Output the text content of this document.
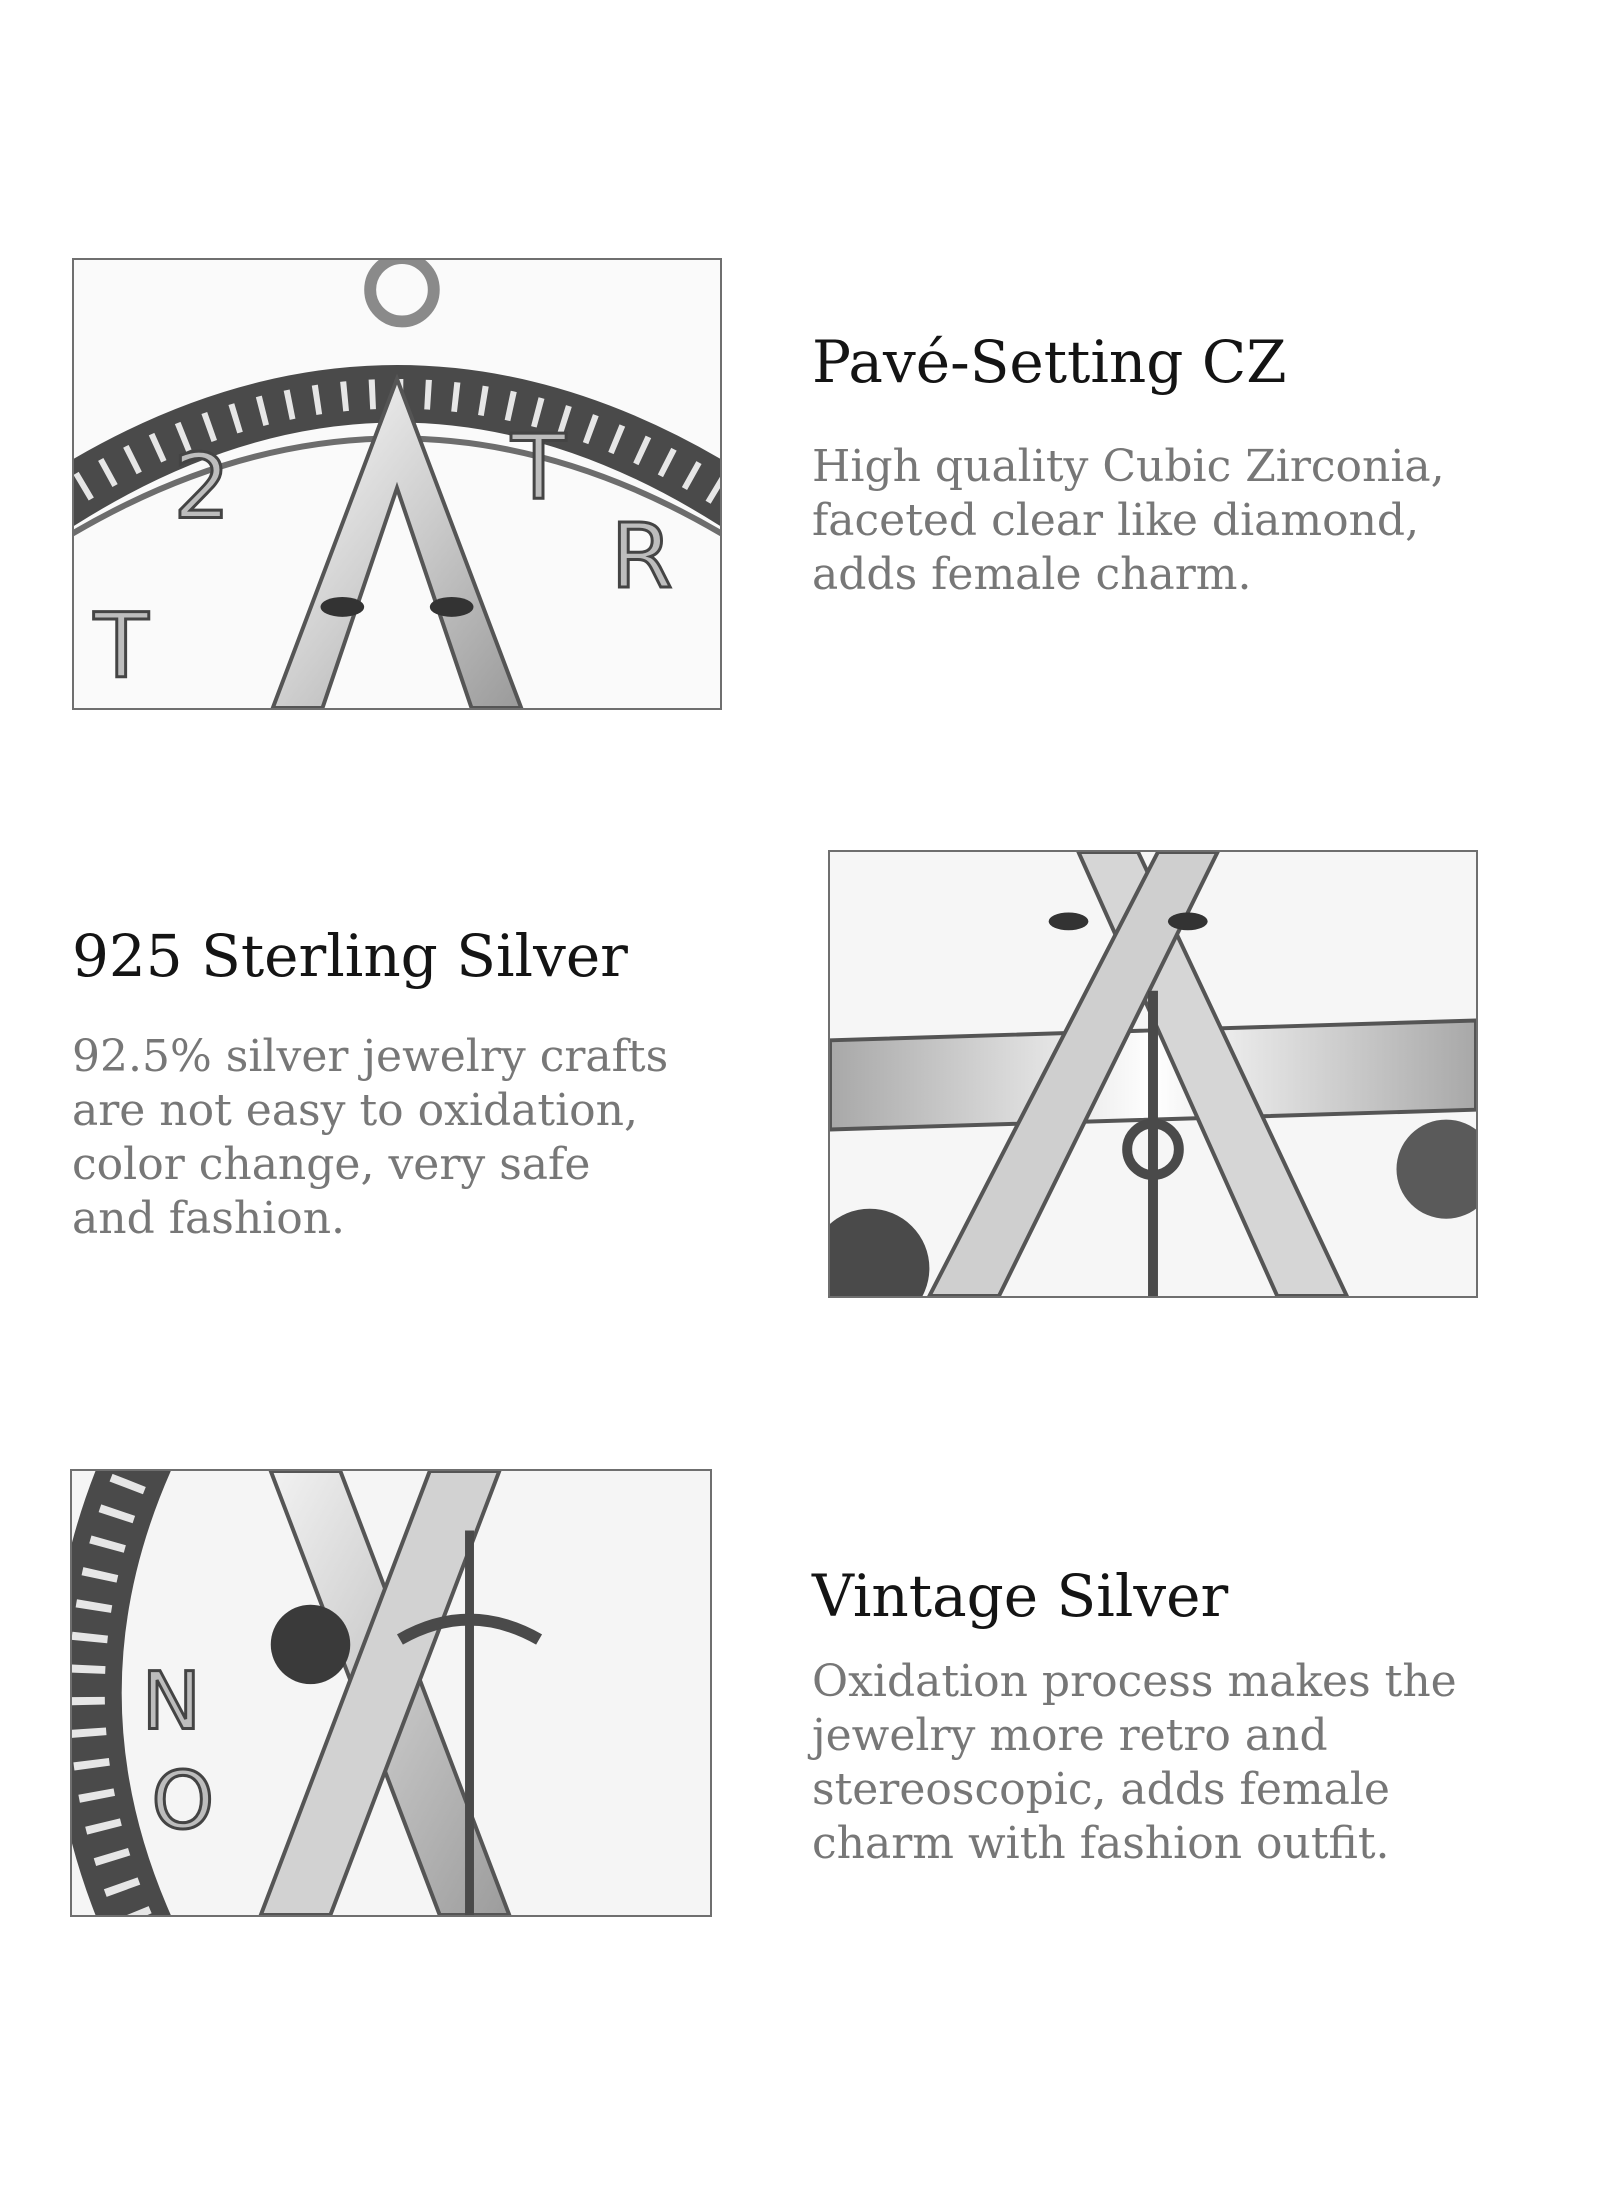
2	T
R
T
Pavé-Setting CZ

High quality Cubic Zirconia,
faceted clear like diamond,
adds female charm.

925 Sterling Silver

92.5% silver jewelry crafts
are not easy to oxidation,
color change, very safe
and fashion.

N
O
Vintage Silver

Oxidation process makes the
jewelry more retro and
stereoscopic, adds female
charm with fashion outfit.
